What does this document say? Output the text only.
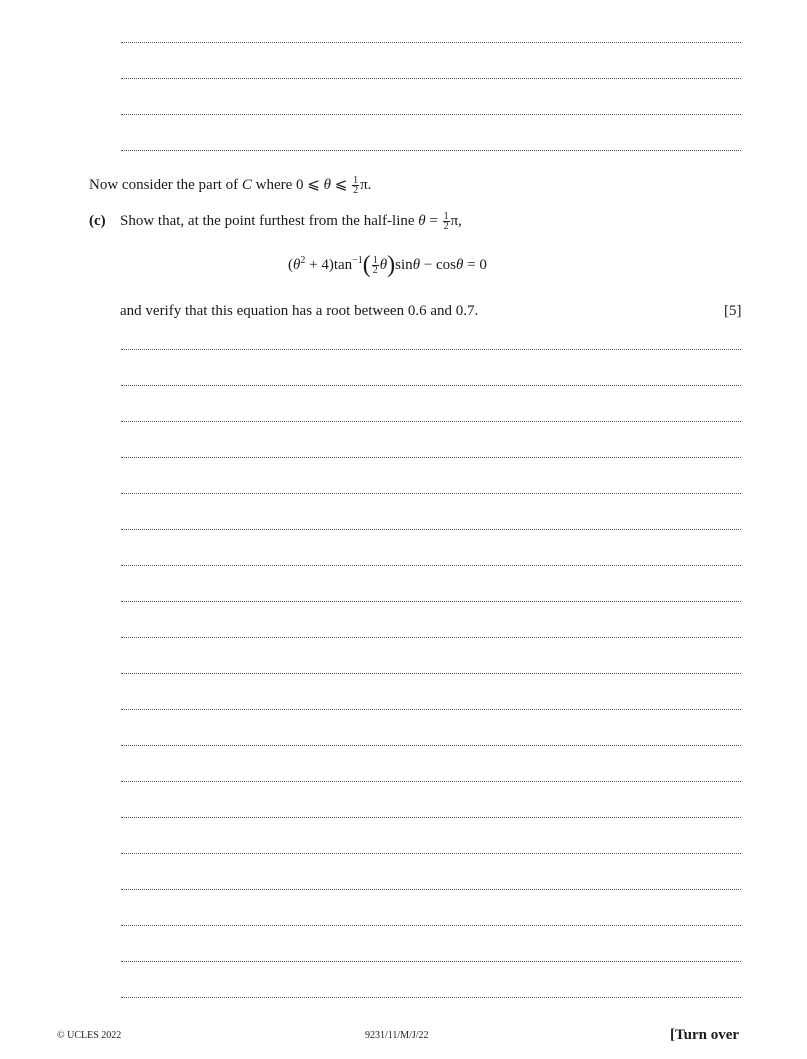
Now consider the part of C where 0 ⩽ θ ⩽ $\frac{1}{2} \pi$.
(c) Show that, at the point furthest from the half-line $\theta = \frac{1}{2} \pi$,
$(\theta^2 + 4)\tan^{-1}( \frac{1}{2} \theta)\sin\theta - \cos\theta = 0$
and verify that this equation has a root between 0.6 and 0.7.	[5]
© UCLES 2022	9231/11/M/J/22	[Turn over
